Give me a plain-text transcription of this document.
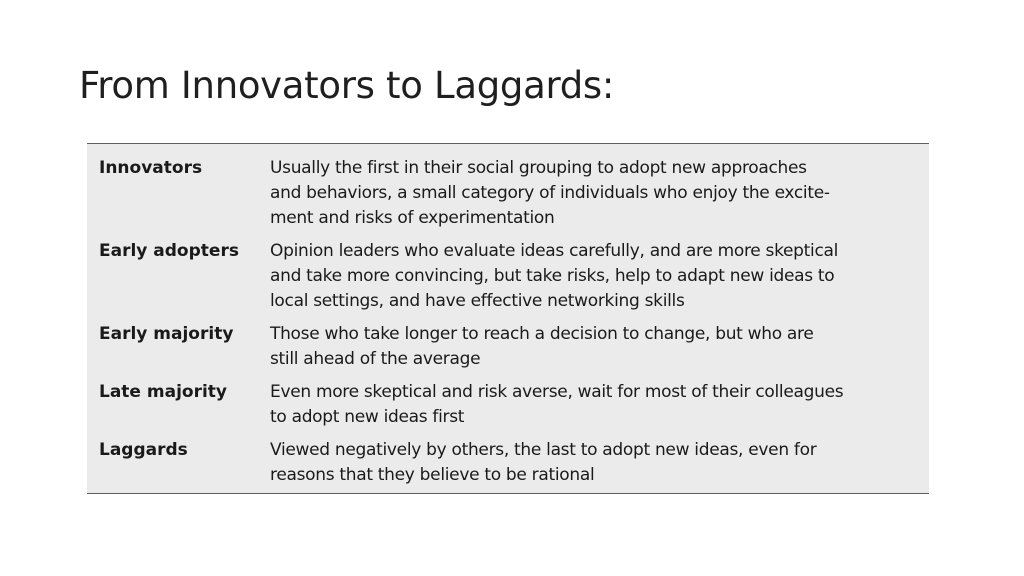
From Innovators to Laggards:
Innovators	Usually the first in their social grouping to adopt new approaches
and behaviors, a small category of individuals who enjoy the excite-
ment and risks of experimentation
Early adopters	Opinion leaders who evaluate ideas carefully, and are more skeptical
and take more convincing, but take risks, help to adapt new ideas to
local settings, and have effective networking skills
Early majority	Those who take longer to reach a decision to change, but who are
still ahead of the average
Late majority	Even more skeptical and risk averse, wait for most of their colleagues
to adopt new ideas first
Laggards	Viewed negatively by others, the last to adopt new ideas, even for
reasons that they believe to be rational
